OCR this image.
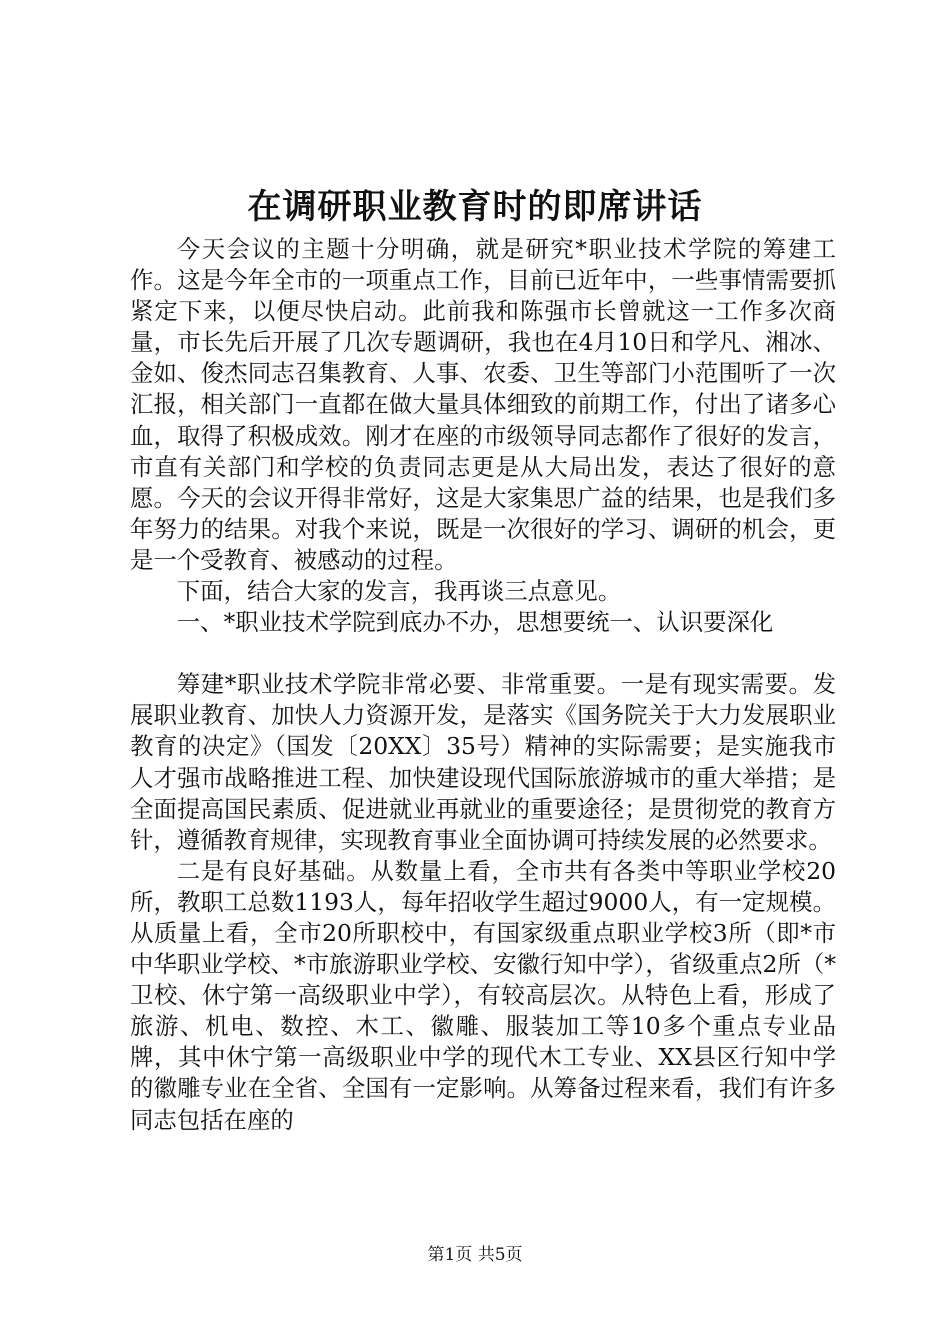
在调研职业教育时的即席讲话

今天会议的主题十分明确，就是研究*职业技术学院的筹建工作。这是今年全市的一项重点工作，目前已近年中，一些事情需要抓紧定下来，以便尽快启动。此前我和陈强市长曾就这一工作多次商量，市长先后开展了几次专题调研，我也在4月10日和学凡、湘冰、金如、俊杰同志召集教育、人事、农委、卫生等部门小范围听了一次汇报，相关部门一直都在做大量具体细致的前期工作，付出了诸多心血，取得了积极成效。刚才在座的市级领导同志都作了很好的发言，市直有关部门和学校的负责同志更是从大局出发，表达了很好的意愿。今天的会议开得非常好，这是大家集思广益的结果，也是我们多年努力的结果。对我个来说，既是一次很好的学习、调研的机会，更是一个受教育、被感动的过程。

下面，结合大家的发言，我再谈三点意见。

一、*职业技术学院到底办不办，思想要统一、认识要深化

筹建*职业技术学院非常必要、非常重要。一是有现实需要。发展职业教育、加快人力资源开发，是落实《国务院关于大力发展职业教育的决定》（国发〔20XX〕35号）精神的实际需要；是实施我市人才强市战略推进工程、加快建设现代国际旅游城市的重大举措；是全面提高国民素质、促进就业再就业的重要途径；是贯彻党的教育方针，遵循教育规律，实现教育事业全面协调可持续发展的必然要求。

二是有良好基础。从数量上看，全市共有各类中等职业学校20所，教职工总数1193人，每年招收学生超过9000人，有一定规模。从质量上看，全市20所职校中，有国家级重点职业学校3所（即*市中华职业学校、*市旅游职业学校、安徽行知中学），省级重点2所（*卫校、休宁第一高级职业中学），有较高层次。从特色上看，形成了旅游、机电、数控、木工、徽雕、服装加工等10多个重点专业品牌，其中休宁第一高级职业中学的现代木工专业、XX县区行知中学的徽雕专业在全省、全国有一定影响。从筹备过程来看，我们有许多同志包括在座的

第1页 共5页
